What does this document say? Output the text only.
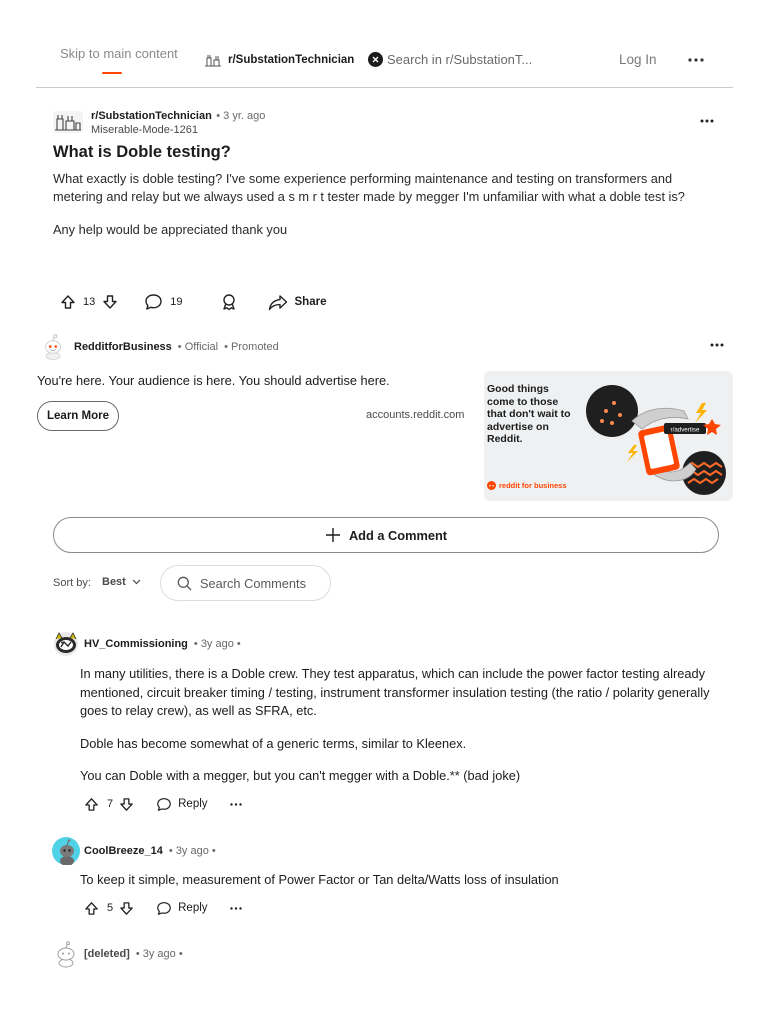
Skip to main content	r/SubstationTechnician	Search in r/SubstationT...	Log In
r/SubstationTechnician • 3 yr. ago
Miserable-Mode-1261
What is Doble testing?

What exactly is doble testing? I've some experience performing maintenance and testing on transformers and metering and relay but we always used a s m r t tester made by megger I'm unfamiliar with what a doble test is?

Any help would be appreciated thank you

13	19	Share
RedditforBusiness • Official • Promoted

You're here. Your audience is here. You should advertise here.

Learn More	accounts.reddit.com
Good things come to those that don't wait to advertise on Reddit.
reddit for business
r/advertise
Add a Comment
Sort by: Best	Search Comments
HV_Commissioning • 3y ago •

In many utilities, there is a Doble crew. They test apparatus, which can include the power factor testing already mentioned, circuit breaker timing / testing, instrument transformer insulation testing (the ratio / polarity generally goes to relay crew), as well as SFRA, etc.

Doble has become somewhat of a generic terms, similar to Kleenex.

You can Doble with a megger, but you can't megger with a Doble.** (bad joke)

7	Reply
CoolBreeze_14 • 3y ago •

To keep it simple, measurement of Power Factor or Tan delta/Watts loss of insulation

5	Reply
[deleted] • 3y ago •
